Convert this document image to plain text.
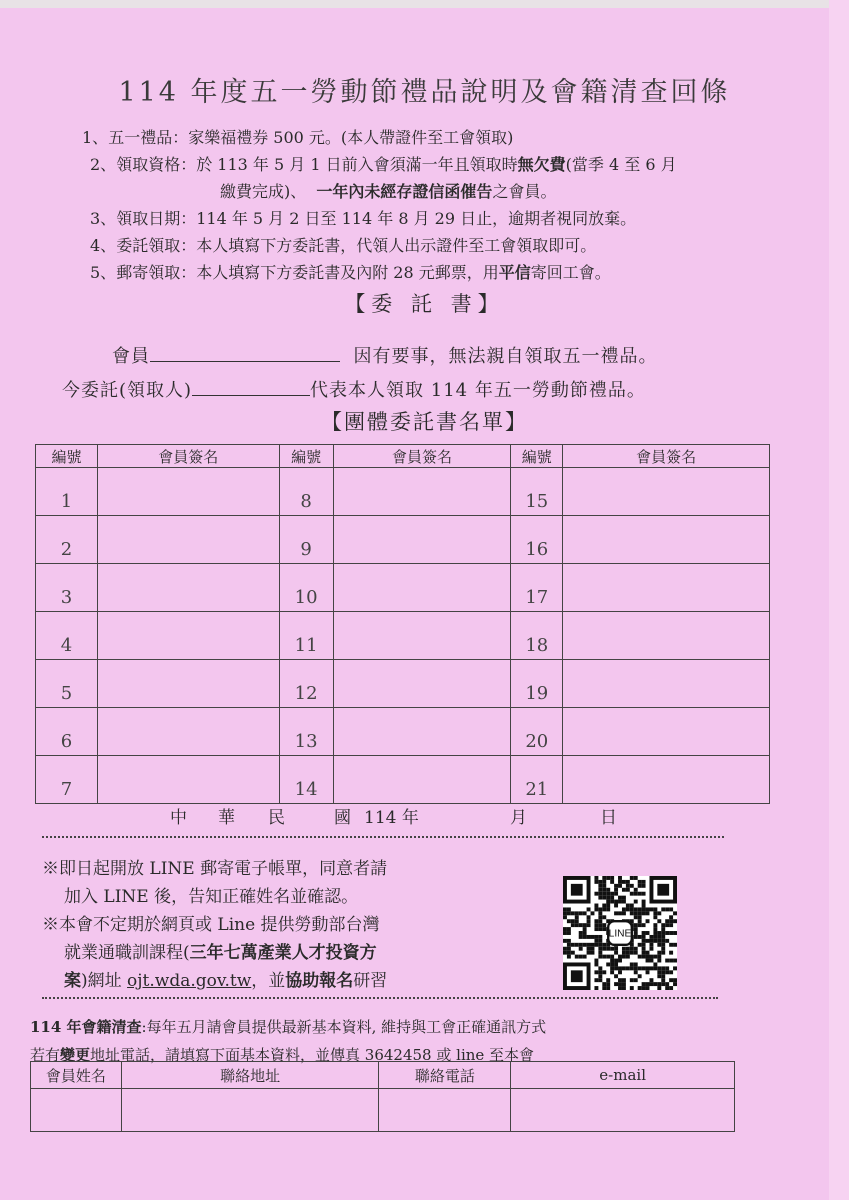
114 年度五一勞動節禮品說明及會籍清查回條
1、五一禮品：家樂福禮券 500 元。(本人帶證件至工會領取)
2、領取資格：於 113 年 5 月 1 日前入會須滿一年且領取時無欠費(當季 4 至 6 月
繳費完成)、 一年內未經存證信函催告之會員。
3、領取日期：114 年 5 月 2 日至 114 年 8 月 29 日止，逾期者視同放棄。
4、委託領取：本人填寫下方委託書，代領人出示證件至工會領取即可。
5、郵寄領取：本人填寫下方委託書及內附 28 元郵票，用平信寄回工會。
【委 託 書】
會員	因有要事，無法親自領取五一禮品。
今委託(領取人)	代表本人領取 114 年五一勞動節禮品。
【團體委託書名單】
編號	會員簽名	編號	會員簽名	編號	會員簽名
1		8		15	
2		9		16	
3		10		17	
4		11		18	
5		12		19	
6		13		20	
7		14		21	
中 華 民	國 114 年	月	日
※即日起開放 LINE 郵寄電子帳單，同意者請
加入 LINE 後，告知正確姓名並確認。
※本會不定期於網頁或 Line 提供勞動部台灣
就業通職訓課程(三年七萬產業人才投資方
案)網址 ojt.wda.gov.tw，並協助報名研習
LINE
114 年會籍清查:每年五月請會員提供最新基本資料, 維持與工會正確通訊方式
若有變更地址電話，請填寫下面基本資料，並傳真 3642458 或 line 至本會
會員姓名	聯絡地址	聯絡電話	e-mail
